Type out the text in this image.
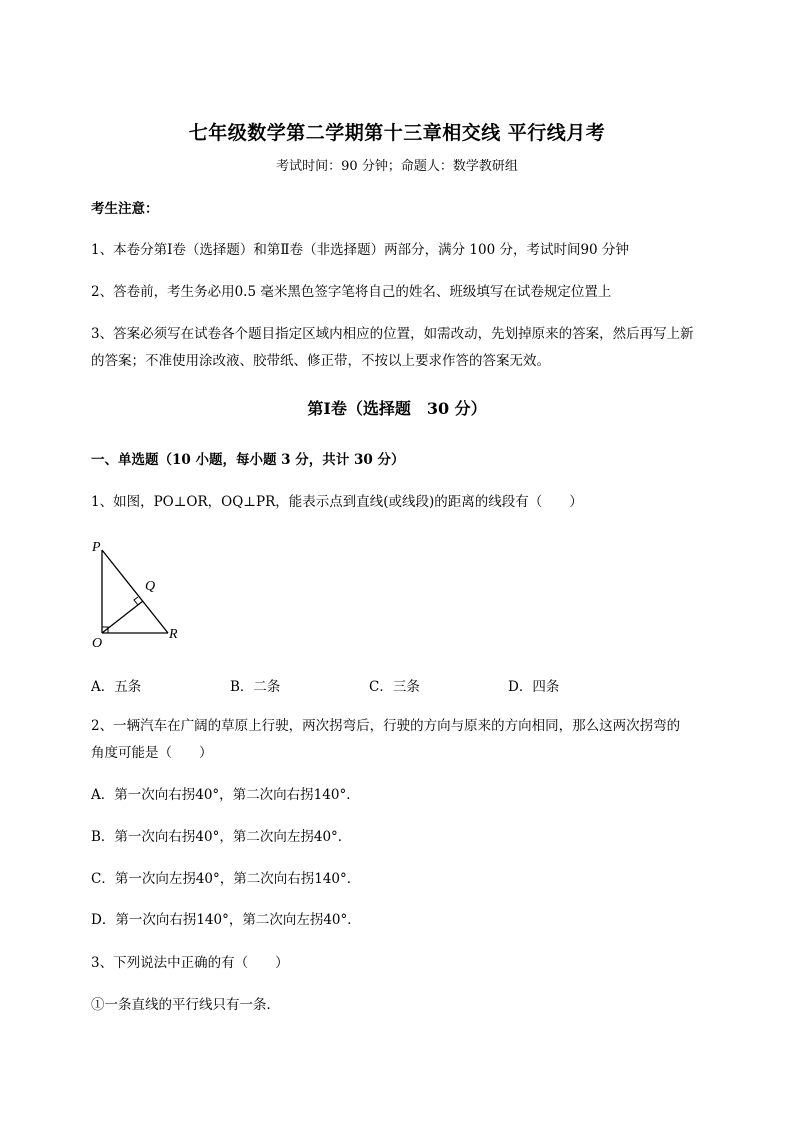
七年级数学第二学期第十三章相交线 平行线月考
考试时间：90 分钟；命题人：数学教研组
考生注意：
1、本卷分第Ⅰ卷（选择题）和第Ⅱ卷（非选择题）两部分，满分 100 分，考试时间90 分钟
2、答卷前，考生务必用0.5 毫米黑色签字笔将自己的姓名、班级填写在试卷规定位置上
3、答案必须写在试卷各个题目指定区域内相应的位置，如需改动，先划掉原来的答案，然后再写上新
的答案；不准使用涂改液、胶带纸、修正带，不按以上要求作答的答案无效。
第Ⅰ卷（选择题　30 分）
一、单选题（10 小题，每小题 3 分，共计 30 分）
1、如图，PO⊥OR，OQ⊥PR，能表示点到直线(或线段)的距离的线段有（　　）
P
Q
O
R
A．五条	B．二条	C．三条	D．四条
2、一辆汽车在广阔的草原上行驶，两次拐弯后，行驶的方向与原来的方向相同，那么这两次拐弯的
角度可能是（　　）
A．第一次向右拐40°，第二次向右拐140°．
B．第一次向右拐40°，第二次向左拐40°．
C．第一次向左拐40°，第二次向右拐140°．
D．第一次向右拐140°，第二次向左拐40°．
3、下列说法中正确的有（　　）
①一条直线的平行线只有一条．
